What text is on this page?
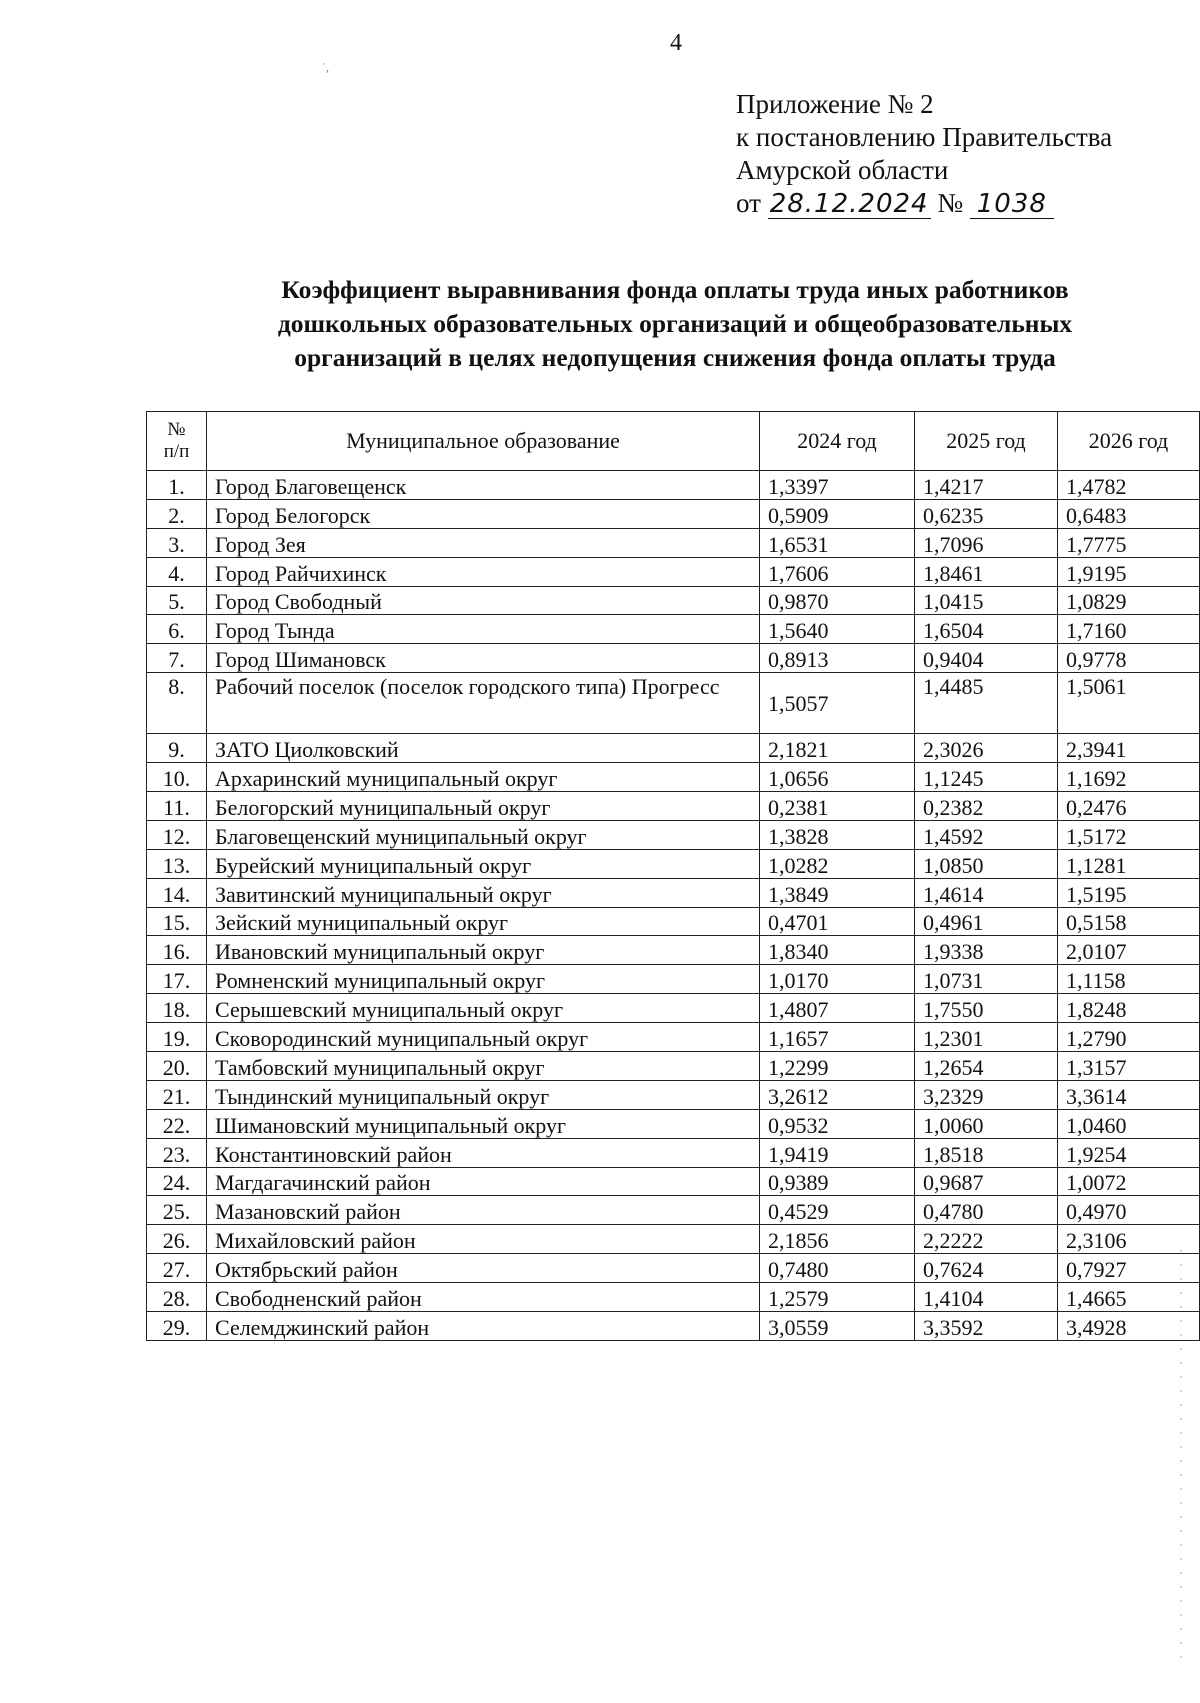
4
˙,
Приложение № 2
к постановлению Правительства
Амурской области
от 28.12.2024 № 1038
Коэффициент выравнивания фонда оплаты труда иных работников
дошкольных образовательных организаций и общеобразовательных
организаций в целях недопущения снижения фонда оплаты труда
№
п/п	Муниципальное образование	2024 год	2025 год	2026 год
1.	Город Благовещенск	1,3397	1,4217	1,4782
2.	Город Белогорск	0,5909	0,6235	0,6483
3.	Город Зея	1,6531	1,7096	1,7775
4.	Город Райчихинск	1,7606	1,8461	1,9195
5.	Город Свободный	0,9870	1,0415	1,0829
6.	Город Тында	1,5640	1,6504	1,7160
7.	Город Шимановск	0,8913	0,9404	0,9778
8.	Рабочий поселок (поселок городского типа) Прогресс	1,5057	1,4485	1,5061
9.	ЗАТО Циолковский	2,1821	2,3026	2,3941
10.	Архаринский муниципальный округ	1,0656	1,1245	1,1692
11.	Белогорский муниципальный округ	0,2381	0,2382	0,2476
12.	Благовещенский муниципальный округ	1,3828	1,4592	1,5172
13.	Бурейский муниципальный округ	1,0282	1,0850	1,1281
14.	Завитинский муниципальный округ	1,3849	1,4614	1,5195
15.	Зейский муниципальный округ	0,4701	0,4961	0,5158
16.	Ивановский муниципальный округ	1,8340	1,9338	2,0107
17.	Ромненский муниципальный округ	1,0170	1,0731	1,1158
18.	Серышевский муниципальный округ	1,4807	1,7550	1,8248
19.	Сковородинский муниципальный округ	1,1657	1,2301	1,2790
20.	Тамбовский муниципальный округ	1,2299	1,2654	1,3157
21.	Тындинский муниципальный округ	3,2612	3,2329	3,3614
22.	Шимановский муниципальный округ	0,9532	1,0060	1,0460
23.	Константиновский район	1,9419	1,8518	1,9254
24.	Магдагачинский район	0,9389	0,9687	1,0072
25.	Мазановский район	0,4529	0,4780	0,4970
26.	Михайловский район	2,1856	2,2222	2,3106
27.	Октябрьский район	0,7480	0,7624	0,7927
28.	Свободненский район	1,2579	1,4104	1,4665
29.	Селемджинский район	3,0559	3,3592	3,4928
